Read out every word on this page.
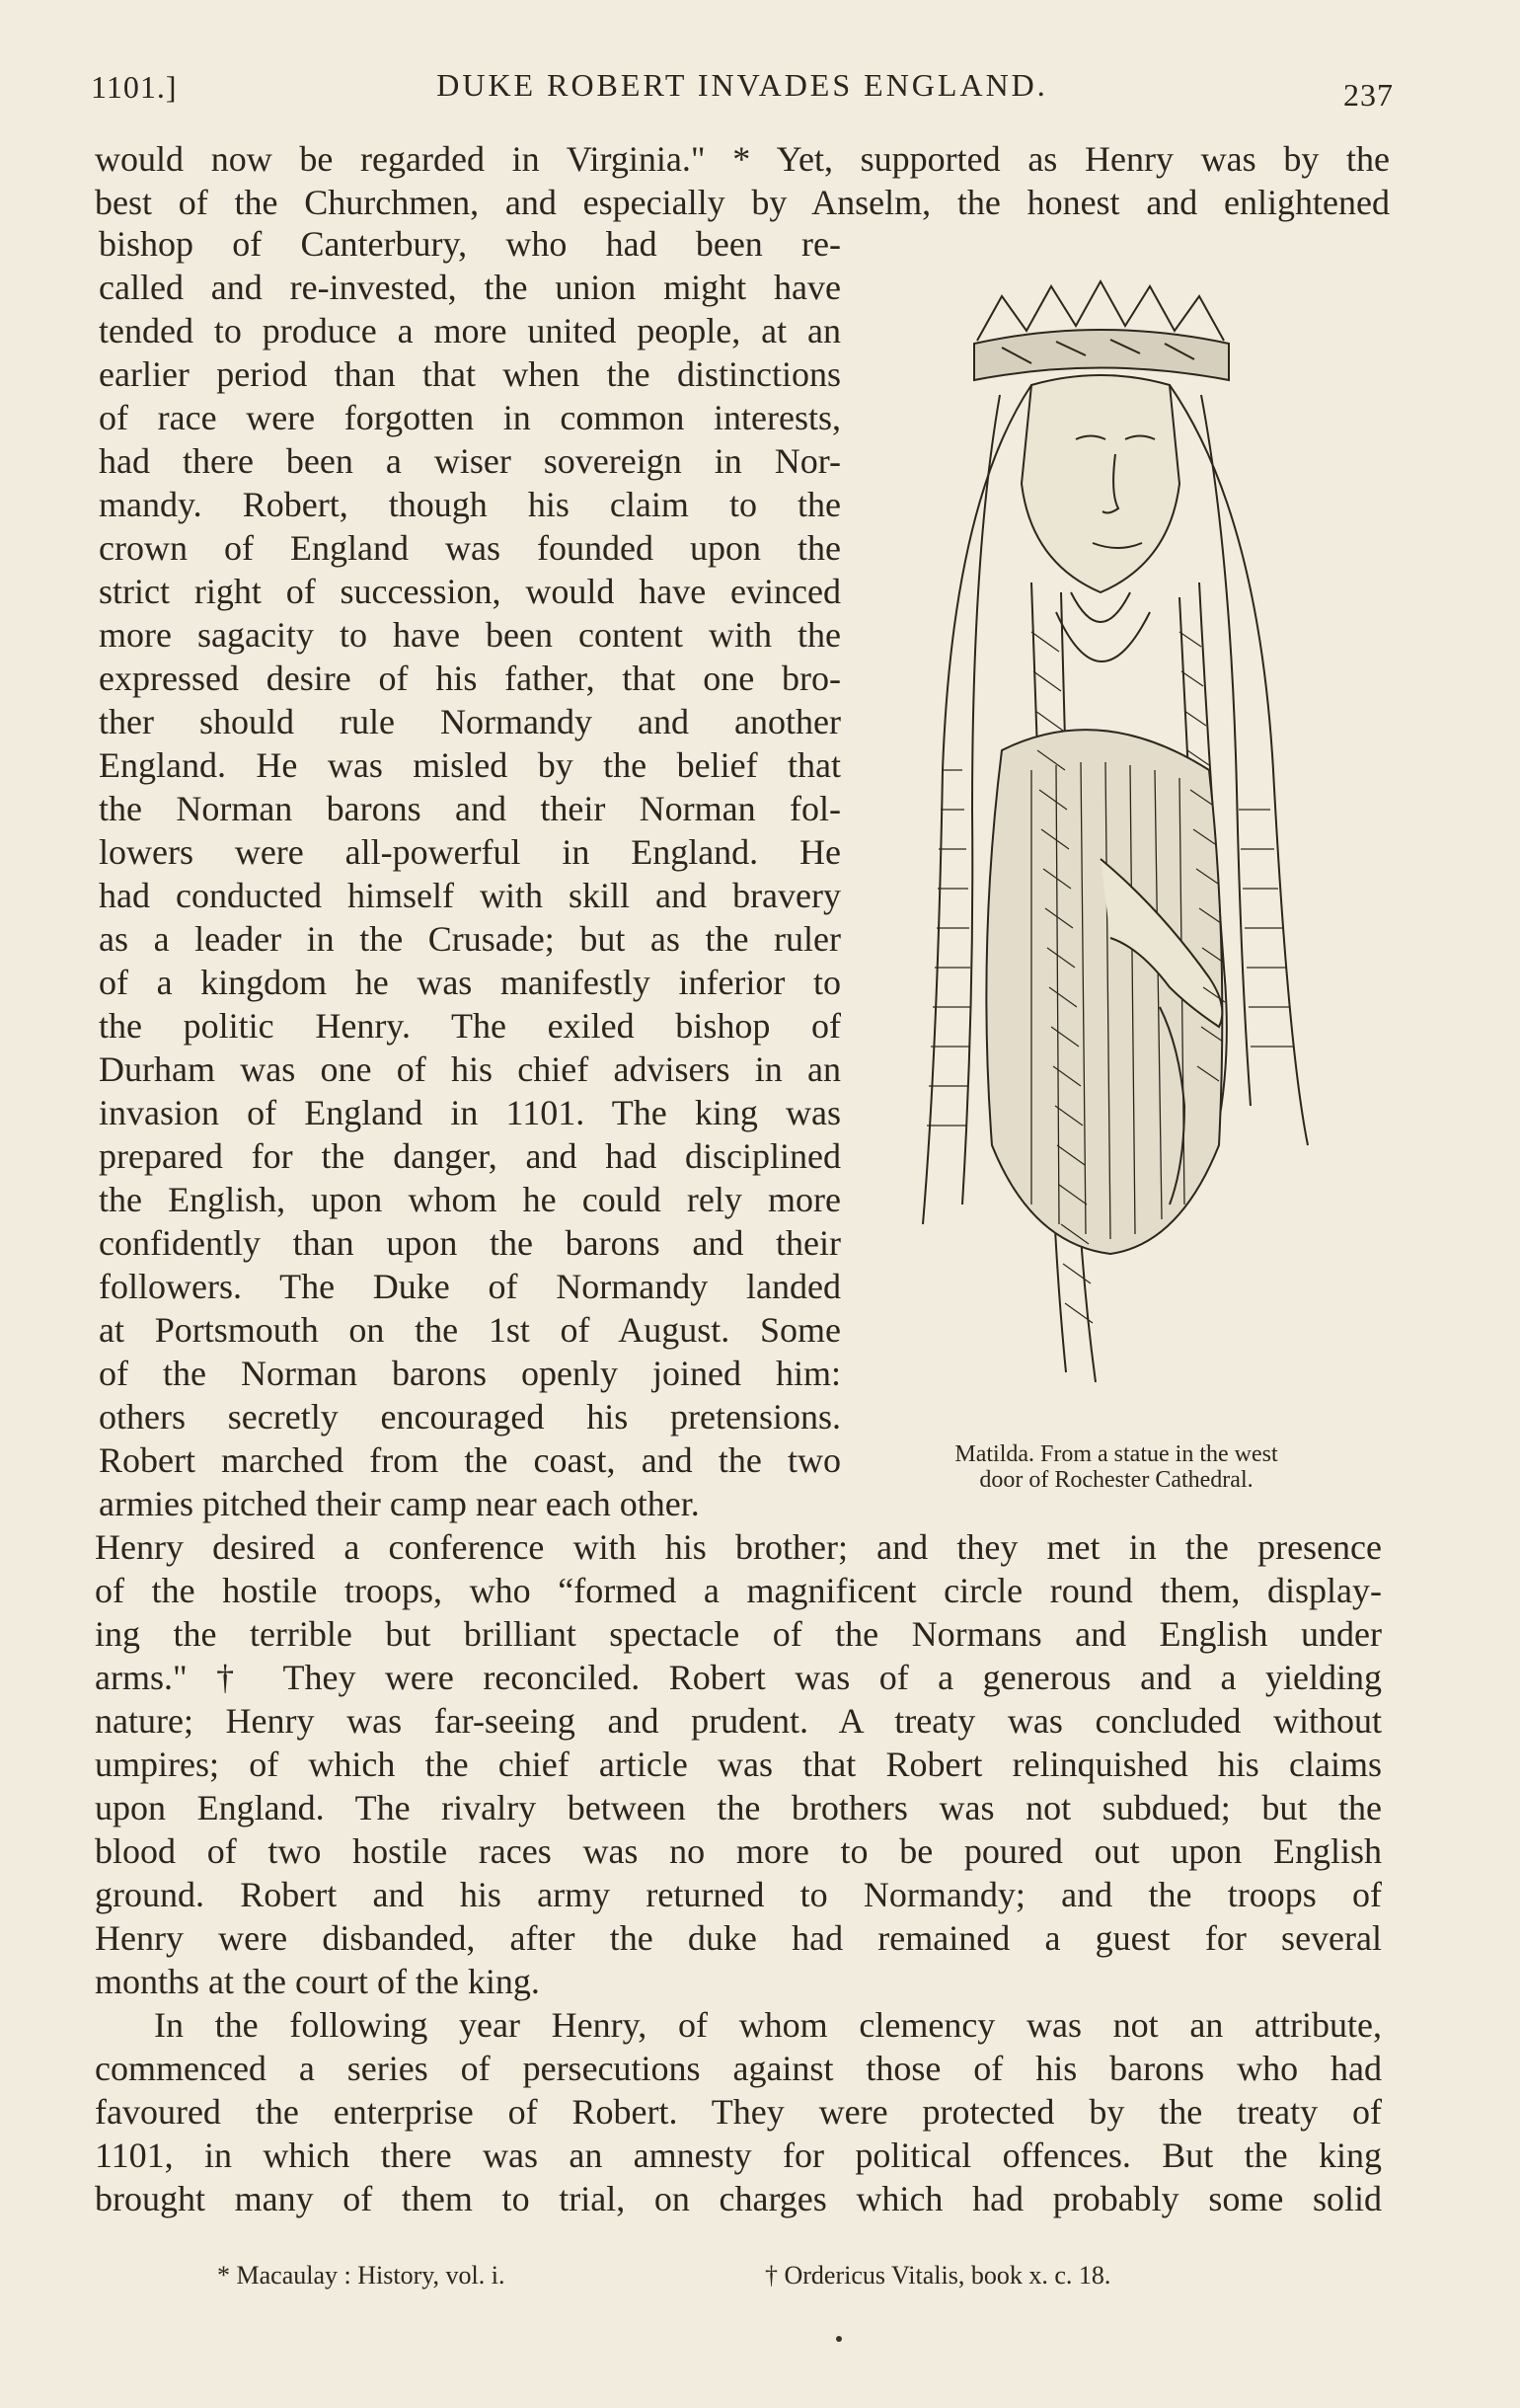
1101.]	DUKE ROBERT INVADES ENGLAND.	237

would now be regarded in Virginia." * Yet, supported as Henry was by the

best of the Churchmen, and especially by Anselm, the honest and enlightened

bishop of Canterbury, who had been re-

called and re-invested, the union might have

tended to produce a more united people, at an

earlier period than that when the distinctions

of race were forgotten in common interests,

had there been a wiser sovereign in Nor-

mandy. Robert, though his claim to the

crown of England was founded upon the

strict right of succession, would have evinced

more sagacity to have been content with the

expressed desire of his father, that one bro-

ther should rule Normandy and another

England. He was misled by the belief that

the Norman barons and their Norman fol-

lowers were all-powerful in England. He

had conducted himself with skill and bravery

as a leader in the Crusade; but as the ruler

of a kingdom he was manifestly inferior to

the politic Henry. The exiled bishop of

Durham was one of his chief advisers in an

invasion of England in 1101. The king was

prepared for the danger, and had disciplined

the English, upon whom he could rely more

confidently than upon the barons and their

followers. The Duke of Normandy landed

at Portsmouth on the 1st of August. Some

of the Norman barons openly joined him:

others secretly encouraged his pretensions.

Robert marched from the coast, and the two

armies pitched their camp near each other.

Henry desired a conference with his brother; and they met in the presence

of the hostile troops, who “formed a magnificent circle round them, display-

ing the terrible but brilliant spectacle of the Normans and English under

arms." † They were reconciled. Robert was of a generous and a yielding

nature; Henry was far-seeing and prudent. A treaty was concluded without

umpires; of which the chief article was that Robert relinquished his claims

upon England. The rivalry between the brothers was not subdued; but the

blood of two hostile races was no more to be poured out upon English

ground. Robert and his army returned to Normandy; and the troops of

Henry were disbanded, after the duke had remained a guest for several

months at the court of the king.

In the following year Henry, of whom clemency was not an attribute,

commenced a series of persecutions against those of his barons who had

favoured the enterprise of Robert. They were protected by the treaty of

1101, in which there was an amnesty for political offences. But the king

brought many of them to trial, on charges which had probably some solid

Matilda. From a statue in the west
door of Rochester Cathedral.
* Macaulay : History, vol. i.	† Ordericus Vitalis, book x. c. 18.
